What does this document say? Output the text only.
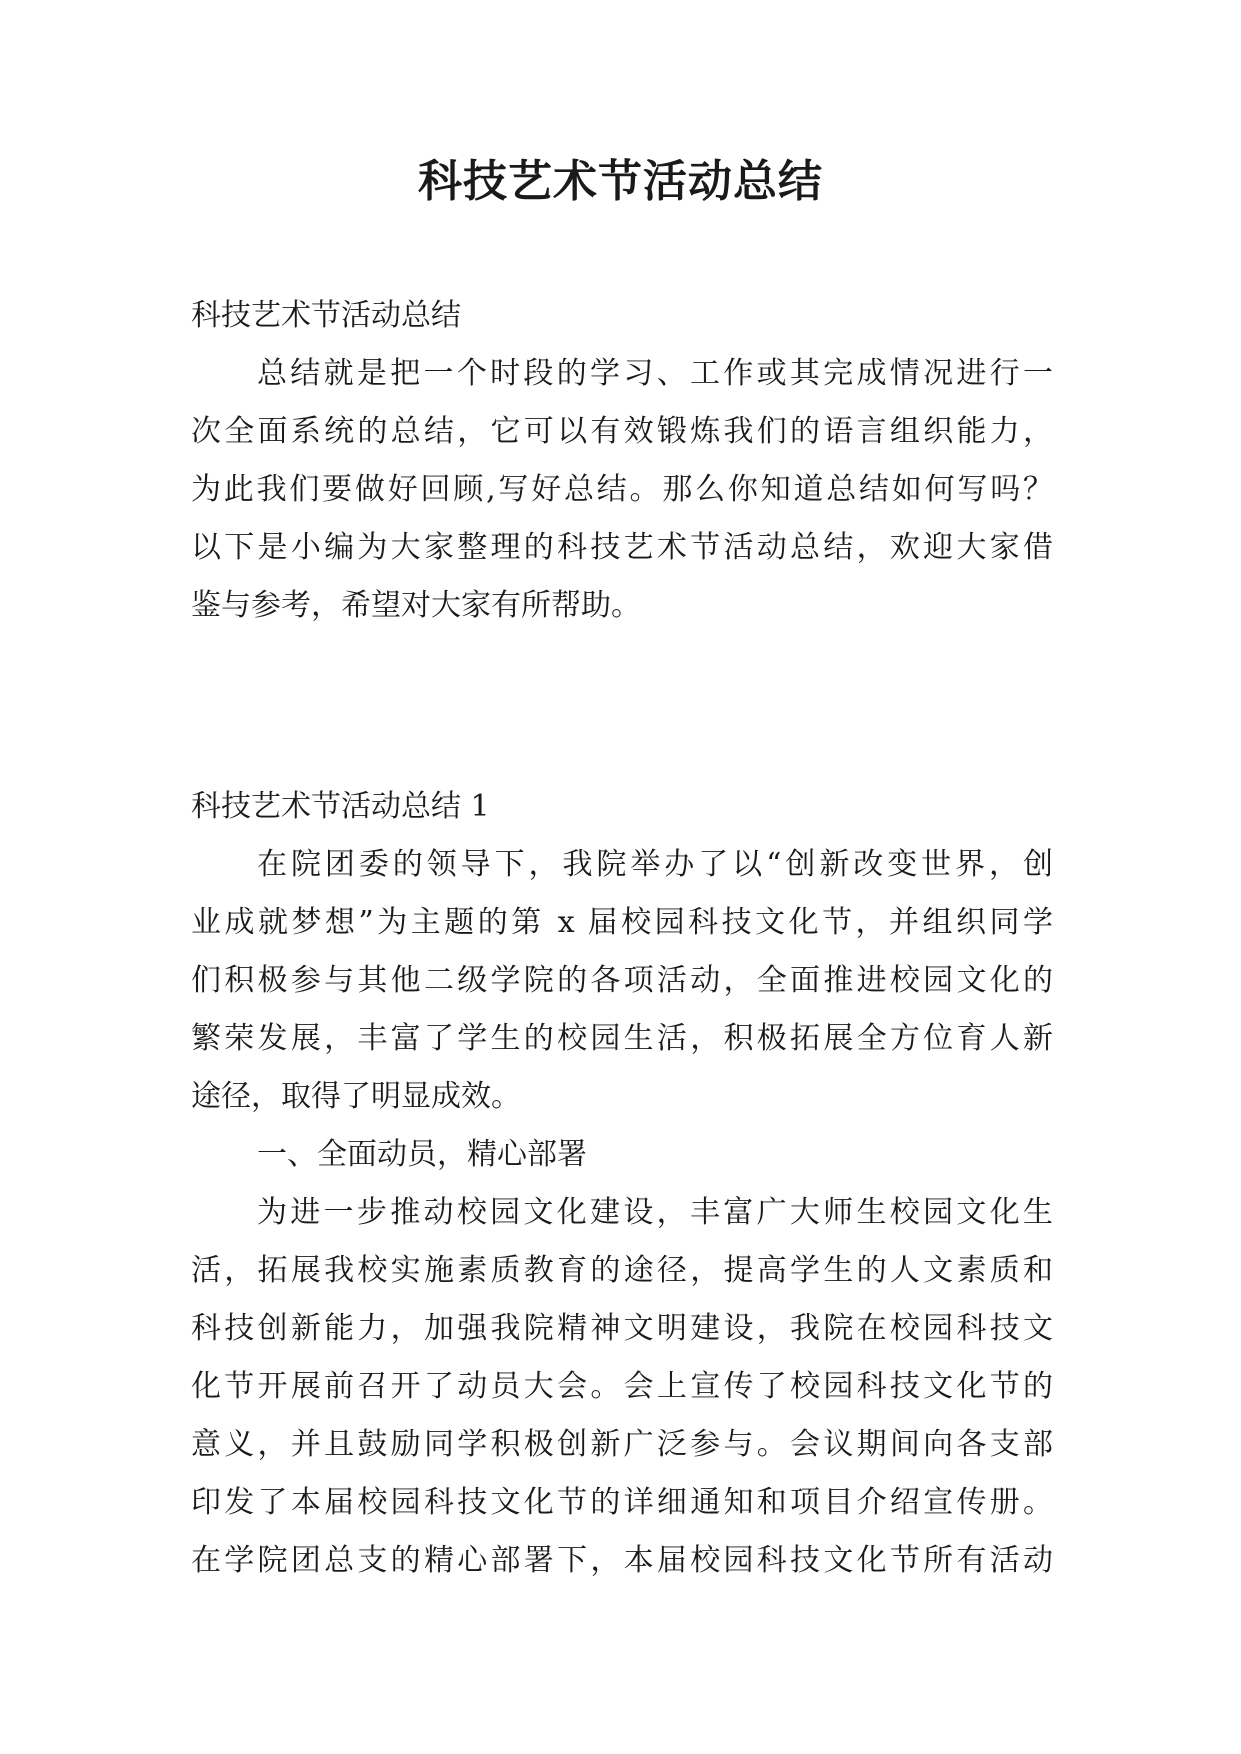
科技艺术节活动总结

科技艺术节活动总结

总结就是把一个时段的学习、工作或其完成情况进行一

次全面系统的总结，它可以有效锻炼我们的语言组织能力，

为此我们要做好回顾,写好总结。那么你知道总结如何写吗？

以下是小编为大家整理的科技艺术节活动总结，欢迎大家借

鉴与参考，希望对大家有所帮助。

科技艺术节活动总结 1

在院团委的领导下，我院举办了以“创新改变世界，创

业成就梦想”为主题的第 x 届校园科技文化节，并组织同学

们积极参与其他二级学院的各项活动，全面推进校园文化的

繁荣发展，丰富了学生的校园生活，积极拓展全方位育人新

途径，取得了明显成效。

一、全面动员，精心部署

为进一步推动校园文化建设，丰富广大师生校园文化生

活，拓展我校实施素质教育的途径，提高学生的人文素质和

科技创新能力，加强我院精神文明建设，我院在校园科技文

化节开展前召开了动员大会。会上宣传了校园科技文化节的

意义，并且鼓励同学积极创新广泛参与。会议期间向各支部

印发了本届校园科技文化节的详细通知和项目介绍宣传册。

在学院团总支的精心部署下，本届校园科技文化节所有活动
